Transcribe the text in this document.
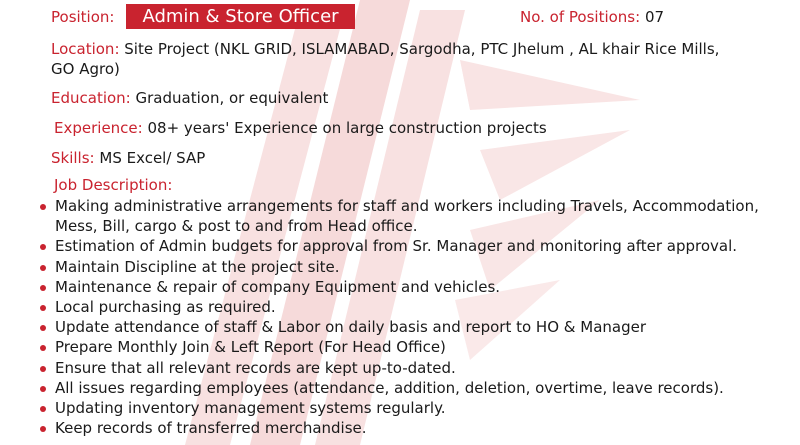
Position:	Admin & Store Officer	No. of Positions: 07
Location: Site Project (NKL GRID, ISLAMABAD, Sargodha, PTC Jhelum , AL khair Rice Mills,
GO Agro)
Education: Graduation, or equivalent
Experience: 08+ years' Experience on large construction projects
Skills: MS Excel/ SAP
Job Description:
Making administrative arrangements for staff and workers including Travels, Accommodation,
Mess, Bill, cargo & post to and from Head office.
Estimation of Admin budgets for approval from Sr. Manager and monitoring after approval.
Maintain Discipline at the project site.
Maintenance & repair of company Equipment and vehicles.
Local purchasing as required.
Update attendance of staff & Labor on daily basis and report to HO & Manager
Prepare Monthly Join & Left Report (For Head Office)
Ensure that all relevant records are kept up-to-dated.
All issues regarding employees (attendance, addition, deletion, overtime, leave records).
Updating inventory management systems regularly.
Keep records of transferred merchandise.
